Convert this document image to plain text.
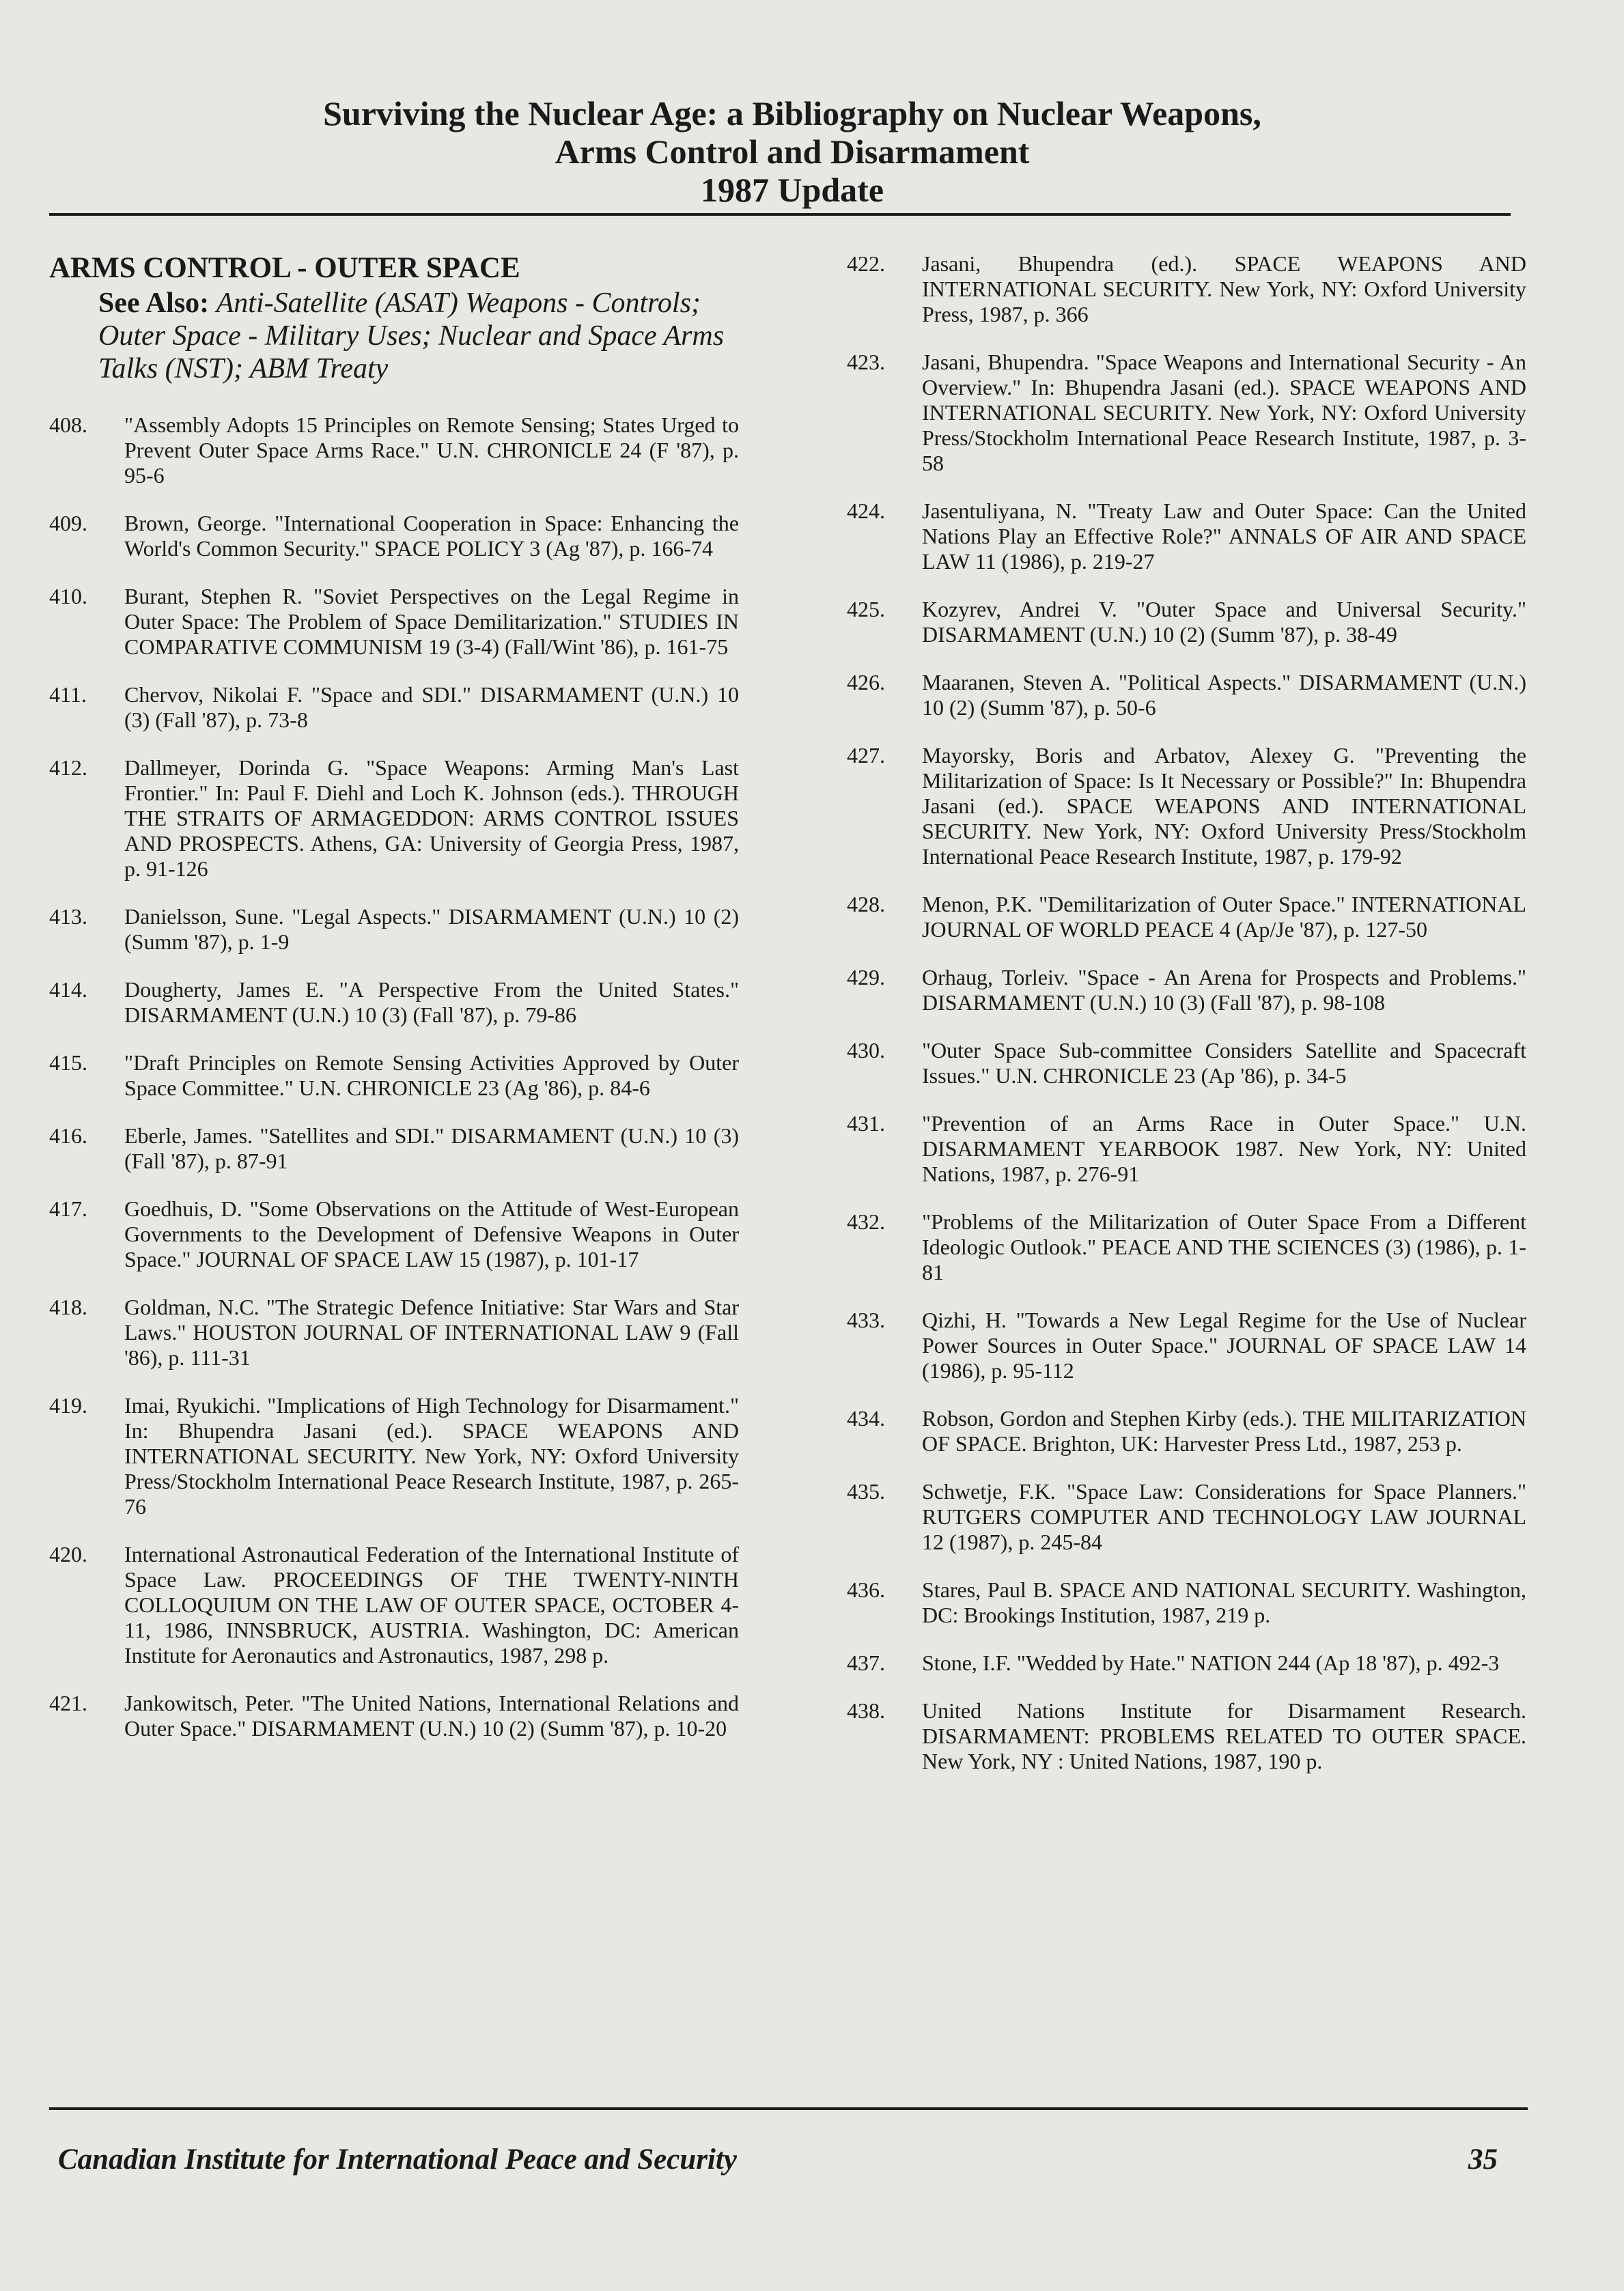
Surviving the Nuclear Age: a Bibliography on Nuclear Weapons,
Arms Control and Disarmament
1987 Update
ARMS CONTROL - OUTER SPACE
See Also: Anti-Satellite (ASAT) Weapons - Controls; Outer Space - Military Uses; Nuclear and Space Arms Talks (NST); ABM Treaty
408.	"Assembly Adopts 15 Principles on Remote Sensing; States Urged to Prevent Outer Space Arms Race." U.N. CHRONICLE 24 (F '87), p. 95-6
409.	Brown, George. "International Cooperation in Space: Enhancing the World's Common Security." SPACE POLICY 3 (Ag '87), p. 166-74
410.	Burant, Stephen R. "Soviet Perspectives on the Legal Regime in Outer Space: The Problem of Space Demilitarization." STUDIES IN COMPARATIVE COMMUNISM 19 (3-4) (Fall/Wint '86), p. 161-75
411.	Chervov, Nikolai F. "Space and SDI." DISARMAMENT (U.N.) 10 (3) (Fall '87), p. 73-8
412.	Dallmeyer, Dorinda G. "Space Weapons: Arming Man's Last Frontier." In: Paul F. Diehl and Loch K. Johnson (eds.). THROUGH THE STRAITS OF ARMAGEDDON: ARMS CONTROL ISSUES AND PROSPECTS. Athens, GA: University of Georgia Press, 1987, p. 91-126
413.	Danielsson, Sune. "Legal Aspects." DISARMAMENT (U.N.) 10 (2) (Summ '87), p. 1-9
414.	Dougherty, James E. "A Perspective From the United States." DISARMAMENT (U.N.) 10 (3) (Fall '87), p. 79-86
415.	"Draft Principles on Remote Sensing Activities Approved by Outer Space Committee." U.N. CHRONICLE 23 (Ag '86), p. 84-6
416.	Eberle, James. "Satellites and SDI." DISARMAMENT (U.N.) 10 (3) (Fall '87), p. 87-91
417.	Goedhuis, D. "Some Observations on the Attitude of West-European Governments to the Development of Defensive Weapons in Outer Space." JOURNAL OF SPACE LAW 15 (1987), p. 101-17
418.	Goldman, N.C. "The Strategic Defence Initiative: Star Wars and Star Laws." HOUSTON JOURNAL OF INTERNATIONAL LAW 9 (Fall '86), p. 111-31
419.	Imai, Ryukichi. "Implications of High Technology for Disarmament." In: Bhupendra Jasani (ed.). SPACE WEAPONS AND INTERNATIONAL SECURITY. New York, NY: Oxford University Press/Stockholm International Peace Research Institute, 1987, p. 265-76
420.	International Astronautical Federation of the International Institute of Space Law. PROCEEDINGS OF THE TWENTY-NINTH COLLOQUIUM ON THE LAW OF OUTER SPACE, OCTOBER 4-11, 1986, INNSBRUCK, AUSTRIA. Washington, DC: American Institute for Aeronautics and Astronautics, 1987, 298 p.
421.	Jankowitsch, Peter. "The United Nations, International Relations and Outer Space." DISARMAMENT (U.N.) 10 (2) (Summ '87), p. 10-20
422.	Jasani, Bhupendra (ed.). SPACE WEAPONS AND INTERNATIONAL SECURITY. New York, NY: Oxford University Press, 1987, p. 366
423.	Jasani, Bhupendra. "Space Weapons and International Security - An Overview." In: Bhupendra Jasani (ed.). SPACE WEAPONS AND INTERNATIONAL SECURITY. New York, NY: Oxford University Press/Stockholm International Peace Research Institute, 1987, p. 3-58
424.	Jasentuliyana, N. "Treaty Law and Outer Space: Can the United Nations Play an Effective Role?" ANNALS OF AIR AND SPACE LAW 11 (1986), p. 219-27
425.	Kozyrev, Andrei V. "Outer Space and Universal Security." DISARMAMENT (U.N.) 10 (2) (Summ '87), p. 38-49
426.	Maaranen, Steven A. "Political Aspects." DISARMAMENT (U.N.) 10 (2) (Summ '87), p. 50-6
427.	Mayorsky, Boris and Arbatov, Alexey G. "Preventing the Militarization of Space: Is It Necessary or Possible?" In: Bhupendra Jasani (ed.). SPACE WEAPONS AND INTERNATIONAL SECURITY. New York, NY: Oxford University Press/Stockholm International Peace Research Institute, 1987, p. 179-92
428.	Menon, P.K. "Demilitarization of Outer Space." INTERNATIONAL JOURNAL OF WORLD PEACE 4 (Ap/Je '87), p. 127-50
429.	Orhaug, Torleiv. "Space - An Arena for Prospects and Problems." DISARMAMENT (U.N.) 10 (3) (Fall '87), p. 98-108
430.	"Outer Space Sub-committee Considers Satellite and Spacecraft Issues." U.N. CHRONICLE 23 (Ap '86), p. 34-5
431.	"Prevention of an Arms Race in Outer Space." U.N. DISARMAMENT YEARBOOK 1987. New York, NY: United Nations, 1987, p. 276-91
432.	"Problems of the Militarization of Outer Space From a Different Ideologic Outlook." PEACE AND THE SCIENCES (3) (1986), p. 1-81
433.	Qizhi, H. "Towards a New Legal Regime for the Use of Nuclear Power Sources in Outer Space." JOURNAL OF SPACE LAW 14 (1986), p. 95-112
434.	Robson, Gordon and Stephen Kirby (eds.). THE MILITARIZATION OF SPACE. Brighton, UK: Harvester Press Ltd., 1987, 253 p.
435.	Schwetje, F.K. "Space Law: Considerations for Space Planners." RUTGERS COMPUTER AND TECHNOLOGY LAW JOURNAL 12 (1987), p. 245-84
436.	Stares, Paul B. SPACE AND NATIONAL SECURITY. Washington, DC: Brookings Institution, 1987, 219 p.
437.	Stone, I.F. "Wedded by Hate." NATION 244 (Ap 18 '87), p. 492-3
438.	United Nations Institute for Disarmament Research. DISARMAMENT: PROBLEMS RELATED TO OUTER SPACE. New York, NY : United Nations, 1987, 190 p.
Canadian Institute for International Peace and Security	35
